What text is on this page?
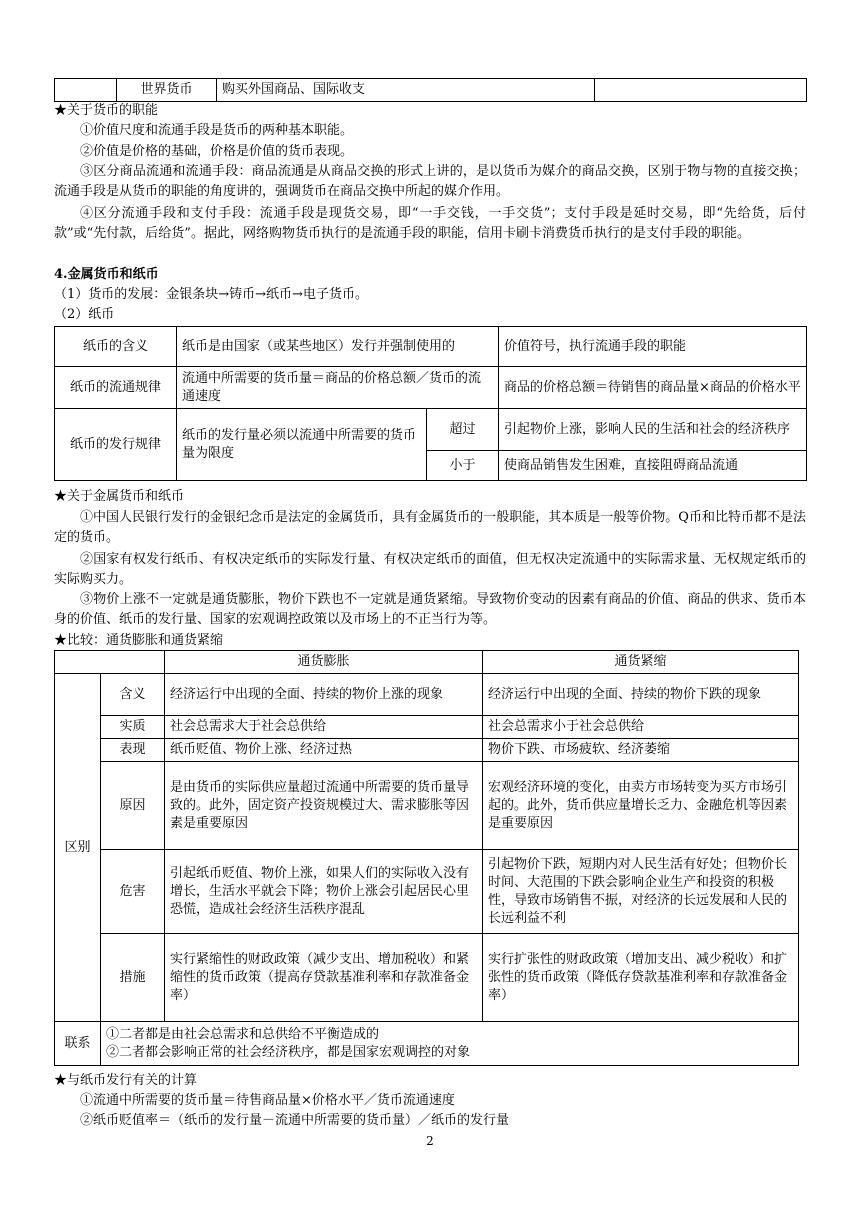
	世界货币	购买外国商品、国际收支	
★关于货币的职能
①价值尺度和流通手段是货币的两种基本职能。
②价值是价格的基础，价格是价值的货币表现。
③区分商品流通和流通手段：商品流通是从商品交换的形式上讲的，是以货币为媒介的商品交换，区别于物与物的直接交换；流通手段是从货币的职能的角度讲的，强调货币在商品交换中所起的媒介作用。
④区分流通手段和支付手段：流通手段是现货交易，即“一手交钱，一手交货”；支付手段是延时交易，即“先给货，后付款”或“先付款，后给货”。据此，网络购物货币执行的是流通手段的职能，信用卡刷卡消费货币执行的是支付手段的职能。
4.金属货币和纸币
（1）货币的发展：金银条块→铸币→纸币→电子货币。
（2）纸币
纸币的含义	纸币是由国家（或某些地区）发行并强制使用的		价值符号，执行流通手段的职能
纸币的流通规律	流通中所需要的货币量＝商品的价格总额／货币的流通速度		商品的价格总额＝待销售的商品量×商品的价格水平
纸币的发行规律	纸币的发行量必须以流通中所需要的货币量为限度	超过	引起物价上涨，影响人民的生活和社会的经济秩序
		小于	使商品销售发生困难，直接阻碍商品流通
★关于金属货币和纸币
①中国人民银行发行的金银纪念币是法定的金属货币，具有金属货币的一般职能，其本质是一般等价物。Q币和比特币都不是法定的货币。
②国家有权发行纸币、有权决定纸币的实际发行量、有权决定纸币的面值，但无权决定流通中的实际需求量、无权规定纸币的实际购买力。
③物价上涨不一定就是通货膨胀，物价下跌也不一定就是通货紧缩。导致物价变动的因素有商品的价值、商品的供求、货币本身的价值、纸币的发行量、国家的宏观调控政策以及市场上的不正当行为等。
★比较：通货膨胀和通货紧缩
		通货膨胀	通货紧缩
区别	含义	经济运行中出现的全面、持续的物价上涨的现象	经济运行中出现的全面、持续的物价下跌的现象
	实质	社会总需求大于社会总供给	社会总需求小于社会总供给
	表现	纸币贬值、物价上涨、经济过热	物价下跌、市场疲软、经济萎缩
	原因	是由货币的实际供应量超过流通中所需要的货币量导致的。此外，固定资产投资规模过大、需求膨胀等因素是重要原因	宏观经济环境的变化，由卖方市场转变为买方市场引起的。此外，货币供应量增长乏力、金融危机等因素是重要原因
	危害	引起纸币贬值、物价上涨，如果人们的实际收入没有增长，生活水平就会下降；物价上涨会引起居民心里恐慌，造成社会经济生活秩序混乱	引起物价下跌，短期内对人民生活有好处；但物价长时间、大范围的下跌会影响企业生产和投资的积极性，导致市场销售不振，对经济的长远发展和人民的长远利益不利
	措施	实行紧缩性的财政政策（减少支出、增加税收）和紧缩性的货币政策（提高存贷款基准利率和存款准备金率）	实行扩张性的财政政策（增加支出、减少税收）和扩张性的货币政策（降低存贷款基准利率和存款准备金率）
联系	①二者都是由社会总需求和总供给不平衡造成的
②二者都会影响正常的社会经济秩序，都是国家宏观调控的对象		
★与纸币发行有关的计算
①流通中所需要的货币量＝待售商品量×价格水平／货币流通速度
②纸币贬值率＝（纸币的发行量－流通中所需要的货币量）／纸币的发行量
2
